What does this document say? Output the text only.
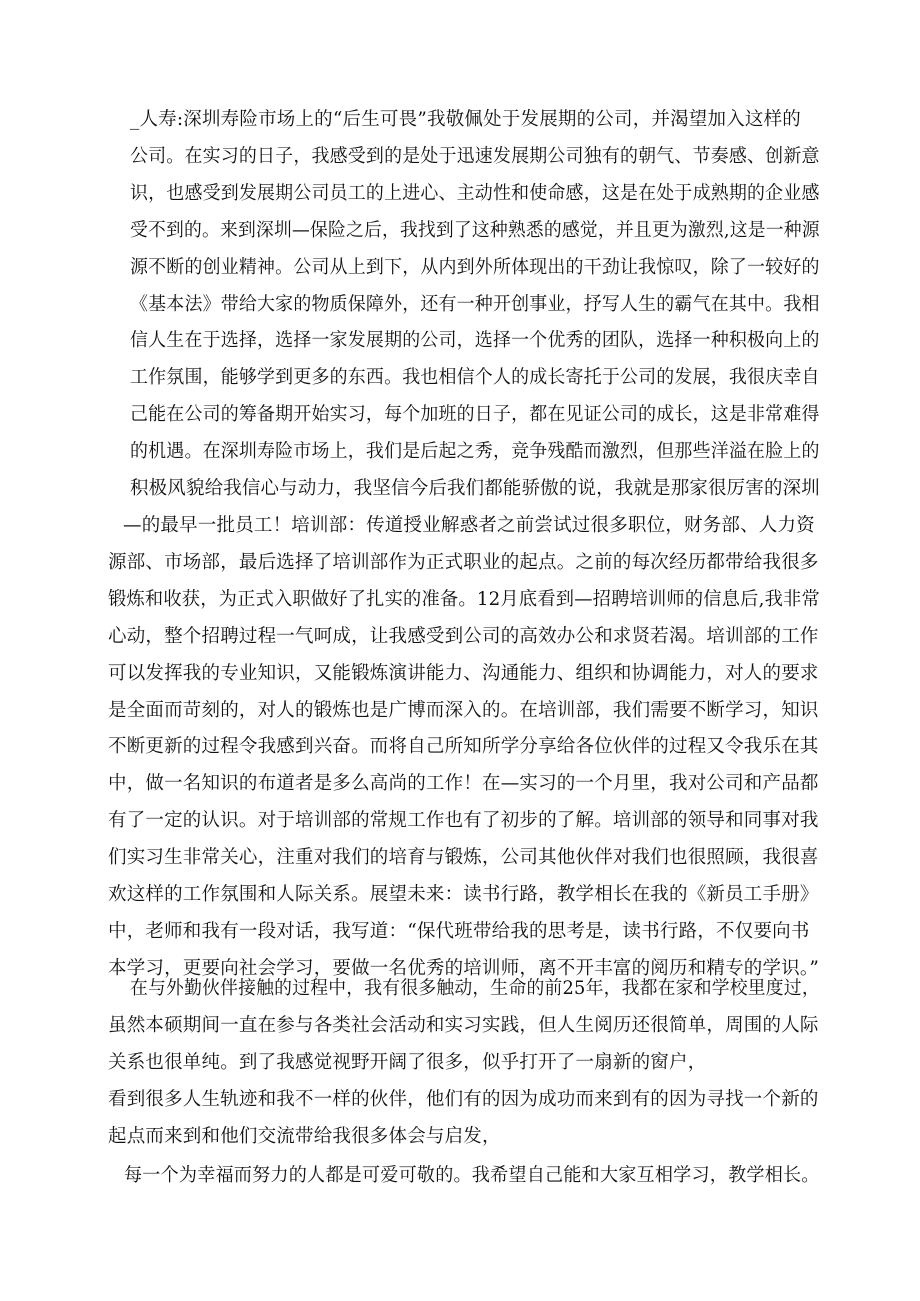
_人寿:深圳寿险市场上的“后生可畏”我敬佩处于发展期的公司，并渴望加入这样的
公司。在实习的日子，我感受到的是处于迅速发展期公司独有的朝气、节奏感、创新意
识，也感受到发展期公司员工的上进心、主动性和使命感，这是在处于成熟期的企业感
受不到的。来到深圳—保险之后，我找到了这种熟悉的感觉，并且更为激烈,这是一种源
源不断的创业精神。公司从上到下，从内到外所体现出的干劲让我惊叹，除了一较好的
《基本法》带给大家的物质保障外，还有一种开创事业，抒写人生的霸气在其中。我相
信人生在于选择，选择一家发展期的公司，选择一个优秀的团队，选择一种积极向上的
工作氛围，能够学到更多的东西。我也相信个人的成长寄托于公司的发展，我很庆幸自
己能在公司的筹备期开始实习，每个加班的日子，都在见证公司的成长，这是非常难得
的机遇。在深圳寿险市场上，我们是后起之秀，竞争残酷而激烈，但那些洋溢在脸上的
积极风貌给我信心与动力，我坚信今后我们都能骄傲的说，我就是那家很厉害的深圳
—的最早一批员工！培训部：传道授业解惑者之前尝试过很多职位，财务部、人力资
源部、市场部，最后选择了培训部作为正式职业的起点。之前的每次经历都带给我很多
锻炼和收获，为正式入职做好了扎实的准备。12月底看到—招聘培训师的信息后,我非常
心动，整个招聘过程一气呵成，让我感受到公司的高效办公和求贤若渴。培训部的工作
可以发挥我的专业知识，又能锻炼演讲能力、沟通能力、组织和协调能力，对人的要求
是全面而苛刻的，对人的锻炼也是广博而深入的。在培训部，我们需要不断学习，知识
不断更新的过程令我感到兴奋。而将自己所知所学分享给各位伙伴的过程又令我乐在其
中，做一名知识的布道者是多么高尚的工作！在—实习的一个月里，我对公司和产品都
有了一定的认识。对于培训部的常规工作也有了初步的了解。培训部的领导和同事对我
们实习生非常关心，注重对我们的培育与锻炼，公司其他伙伴对我们也很照顾，我很喜
欢这样的工作氛围和人际关系。展望未来：读书行路，教学相长在我的《新员工手册》
中，老师和我有一段对话，我写道：“保代班带给我的思考是，读书行路，不仅要向书
本学习，更要向社会学习，要做一名优秀的培训师，离不开丰富的阅历和精专的学识。”
在与外勤伙伴接触的过程中，我有很多触动，生命的前25年，我都在家和学校里度过，
虽然本硕期间一直在参与各类社会活动和实习实践，但人生阅历还很简单，周围的人际
关系也很单纯。到了我感觉视野开阔了很多，似乎打开了一扇新的窗户，
看到很多人生轨迹和我不一样的伙伴，他们有的因为成功而来到有的因为寻找一个新的
起点而来到和他们交流带给我很多体会与启发，
每一个为幸福而努力的人都是可爱可敬的。我希望自己能和大家互相学习，教学相长。
